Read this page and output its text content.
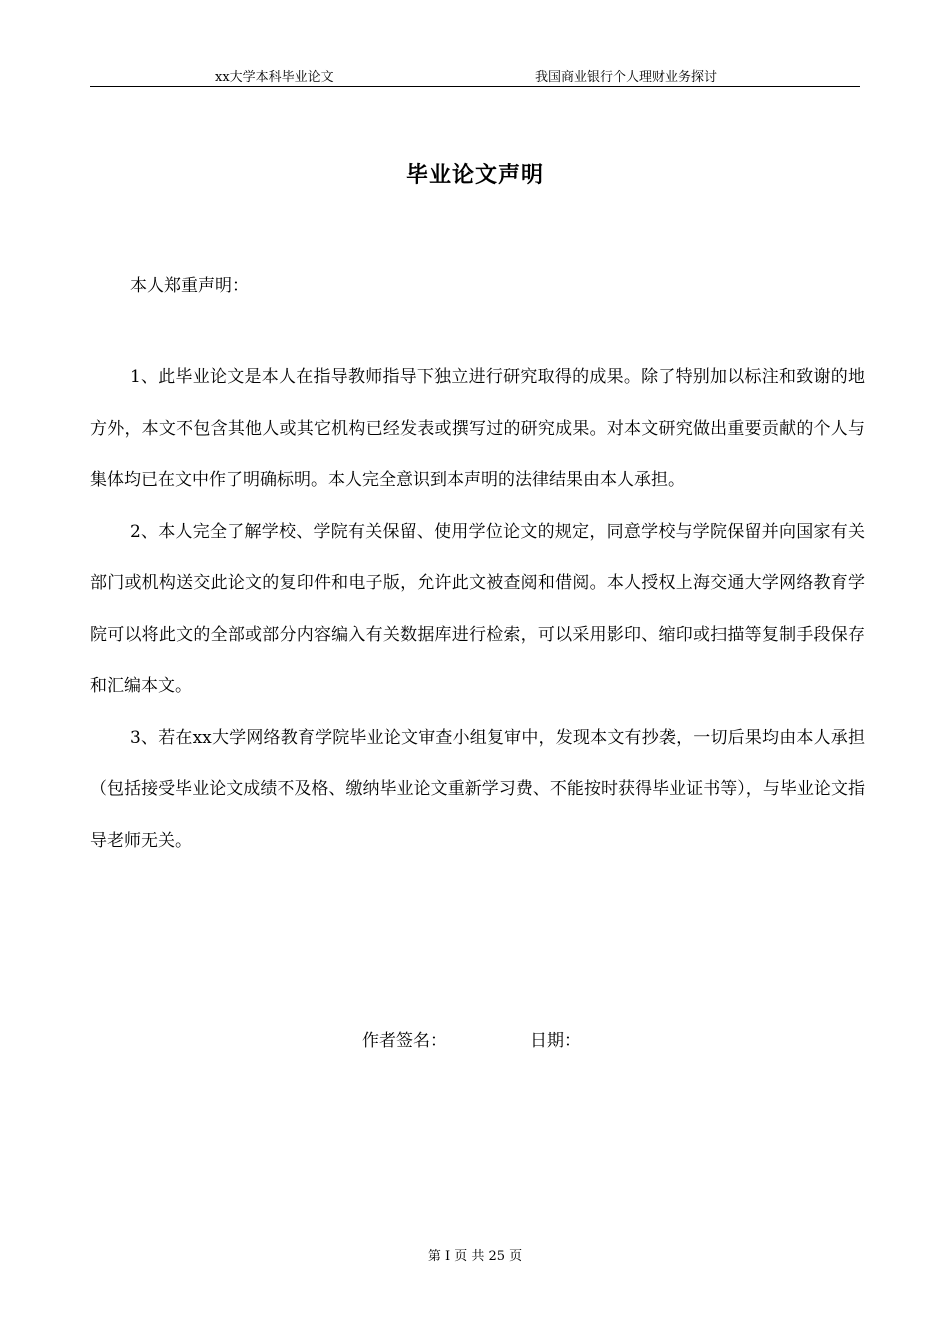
xx大学本科毕业论文	我国商业银行个人理财业务探讨
毕业论文声明
本人郑重声明：

1、此毕业论文是本人在指导教师指导下独立进行研究取得的成果。除了特别加以标注和致谢的地方外，本文不包含其他人或其它机构已经发表或撰写过的研究成果。对本文研究做出重要贡献的个人与集体均已在文中作了明确标明。本人完全意识到本声明的法律结果由本人承担。

2、本人完全了解学校、学院有关保留、使用学位论文的规定，同意学校与学院保留并向国家有关部门或机构送交此论文的复印件和电子版，允许此文被查阅和借阅。本人授权上海交通大学网络教育学院可以将此文的全部或部分内容编入有关数据库进行检索，可以采用影印、缩印或扫描等复制手段保存和汇编本文。

3、若在xx大学网络教育学院毕业论文审查小组复审中，发现本文有抄袭，一切后果均由本人承担（包括接受毕业论文成绩不及格、缴纳毕业论文重新学习费、不能按时获得毕业证书等），与毕业论文指导老师无关。

作者签名：	日期：
第 I 页 共 25 页
